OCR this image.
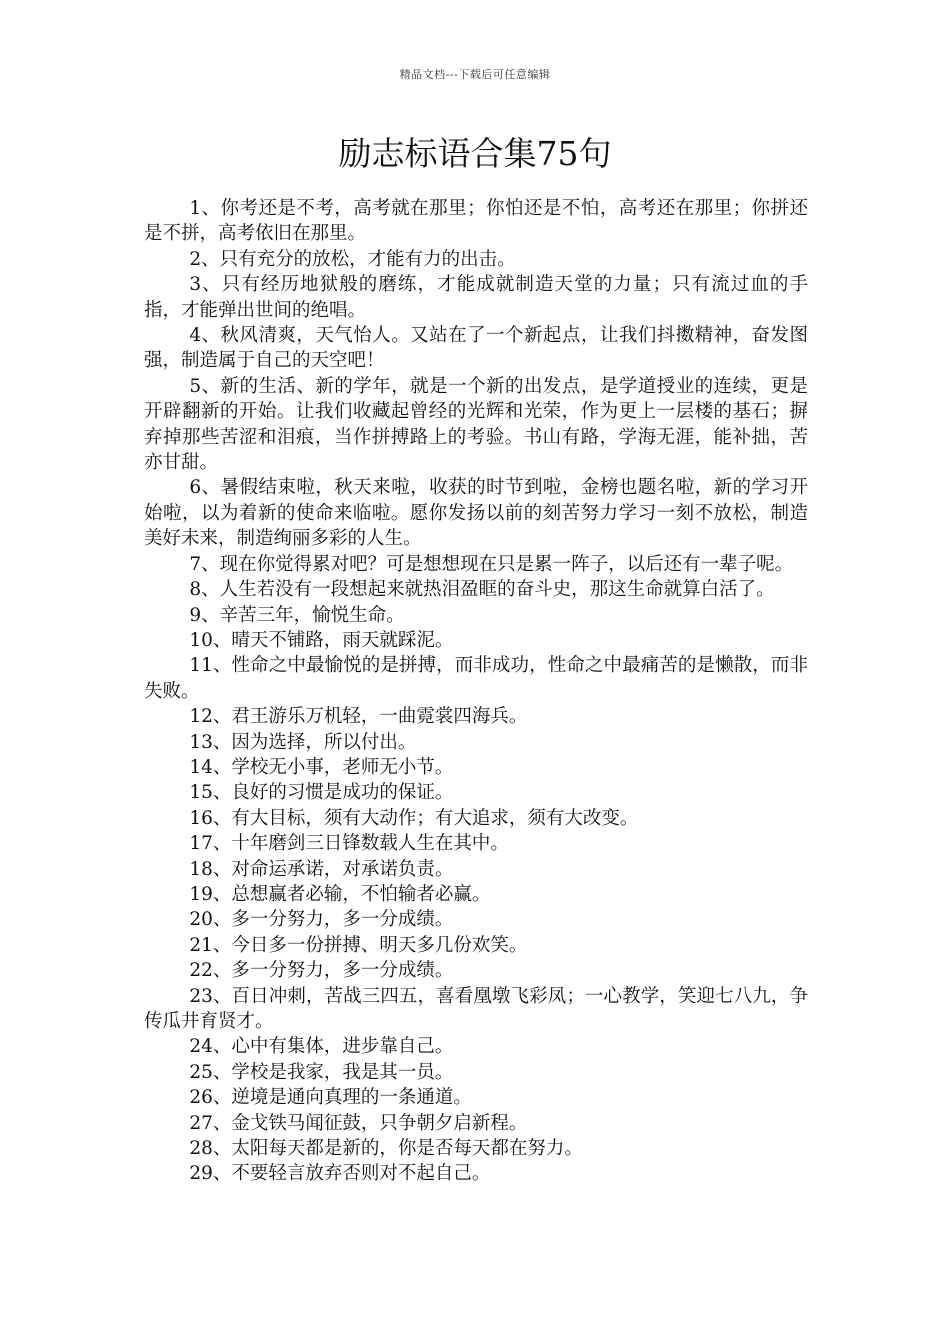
精品文档---下载后可任意编辑
励志标语合集75句

1、你考还是不考，高考就在那里；你怕还是不怕，高考还在那里；你拼还是不拼，高考依旧在那里。

2、只有充分的放松，才能有力的出击。

3、只有经历地狱般的磨练，才能成就制造天堂的力量；只有流过血的手指，才能弹出世间的绝唱。

4、秋风清爽，天气怡人。又站在了一个新起点，让我们抖擞精神，奋发图强，制造属于自己的天空吧！

5、新的生活、新的学年，就是一个新的出发点，是学道授业的连续，更是开辟翻新的开始。让我们收藏起曾经的光辉和光荣，作为更上一层楼的基石；摒弃掉那些苦涩和泪痕，当作拼搏路上的考验。书山有路，学海无涯，能补拙，苦亦甘甜。

6、暑假结束啦，秋天来啦，收获的时节到啦，金榜也题名啦，新的学习开始啦，以为着新的使命来临啦。愿你发扬以前的刻苦努力学习一刻不放松，制造美好未来，制造绚丽多彩的人生。

7、现在你觉得累对吧？可是想想现在只是累一阵子，以后还有一辈子呢。

8、人生若没有一段想起来就热泪盈眶的奋斗史，那这生命就算白活了。

9、辛苦三年，愉悦生命。

10、晴天不铺路，雨天就踩泥。

11、性命之中最愉悦的是拼搏，而非成功，性命之中最痛苦的是懒散，而非失败。

12、君王游乐万机轻，一曲霓裳四海兵。

13、因为选择，所以付出。

14、学校无小事，老师无小节。

15、良好的习惯是成功的保证。

16、有大目标，须有大动作；有大追求，须有大改变。

17、十年磨剑三日锋数载人生在其中。

18、对命运承诺，对承诺负责。

19、总想赢者必输，不怕输者必赢。

20、多一分努力，多一分成绩。

21、今日多一份拼搏、明天多几份欢笑。

22、多一分努力，多一分成绩。

23、百日冲刺，苦战三四五，喜看凰墩飞彩凤；一心教学，笑迎七八九，争传瓜井育贤才。

24、心中有集体，进步靠自己。

25、学校是我家，我是其一员。

26、逆境是通向真理的一条通道。

27、金戈铁马闻征鼓，只争朝夕启新程。

28、太阳每天都是新的，你是否每天都在努力。

29、不要轻言放弃否则对不起自己。
